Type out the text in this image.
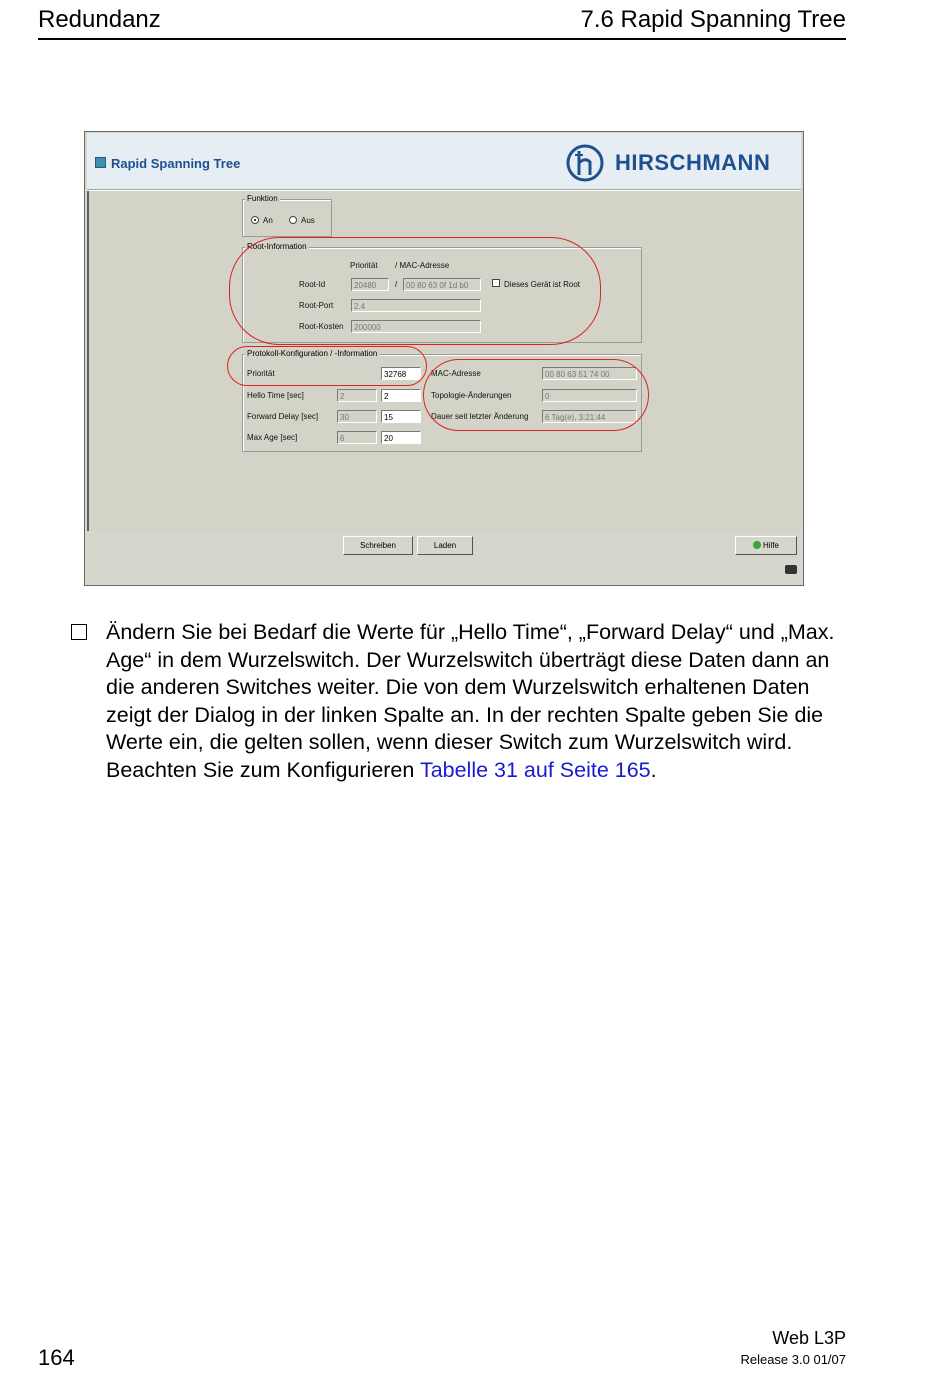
Redundanz	7.6 Rapid Spanning Tree
Rapid Spanning Tree	HIRSCHMANN
Funktion
An	Aus
Root-Information
Priorität / MAC-Adresse
Root-Id	20480	/	00 80 63 0f 1d b0	Dieses Gerät ist Root
Root-Port	2.4
Root-Kosten	200000
Protokoll-Konfiguration / -Information
Priorität	32768
Hello Time [sec]	2	2
Forward Delay [sec]	30	15
Max Age [sec]	6	20
MAC-Adresse	00 80 63 51 74 00
Topologie-Änderungen	0
Dauer seit letzter Änderung	6 Tag(e), 3:21:44
Schreiben	Laden	Hilfe
Ändern Sie bei Bedarf die Werte für „Hello Time“, „Forward Delay“ und „Max. Age“ in dem Wurzelswitch. Der Wurzelswitch überträgt diese Daten dann an die anderen Switches weiter. Die von dem Wurzelswitch erhaltenen Daten zeigt der Dialog in der linken Spalte an. In der rechten Spalte geben Sie die Werte ein, die gelten sollen, wenn dieser Switch zum Wurzelswitch wird. Beachten Sie zum Konfigurieren Tabelle 31 auf Seite 165.
164
Web L3P
Release 3.0 01/07
